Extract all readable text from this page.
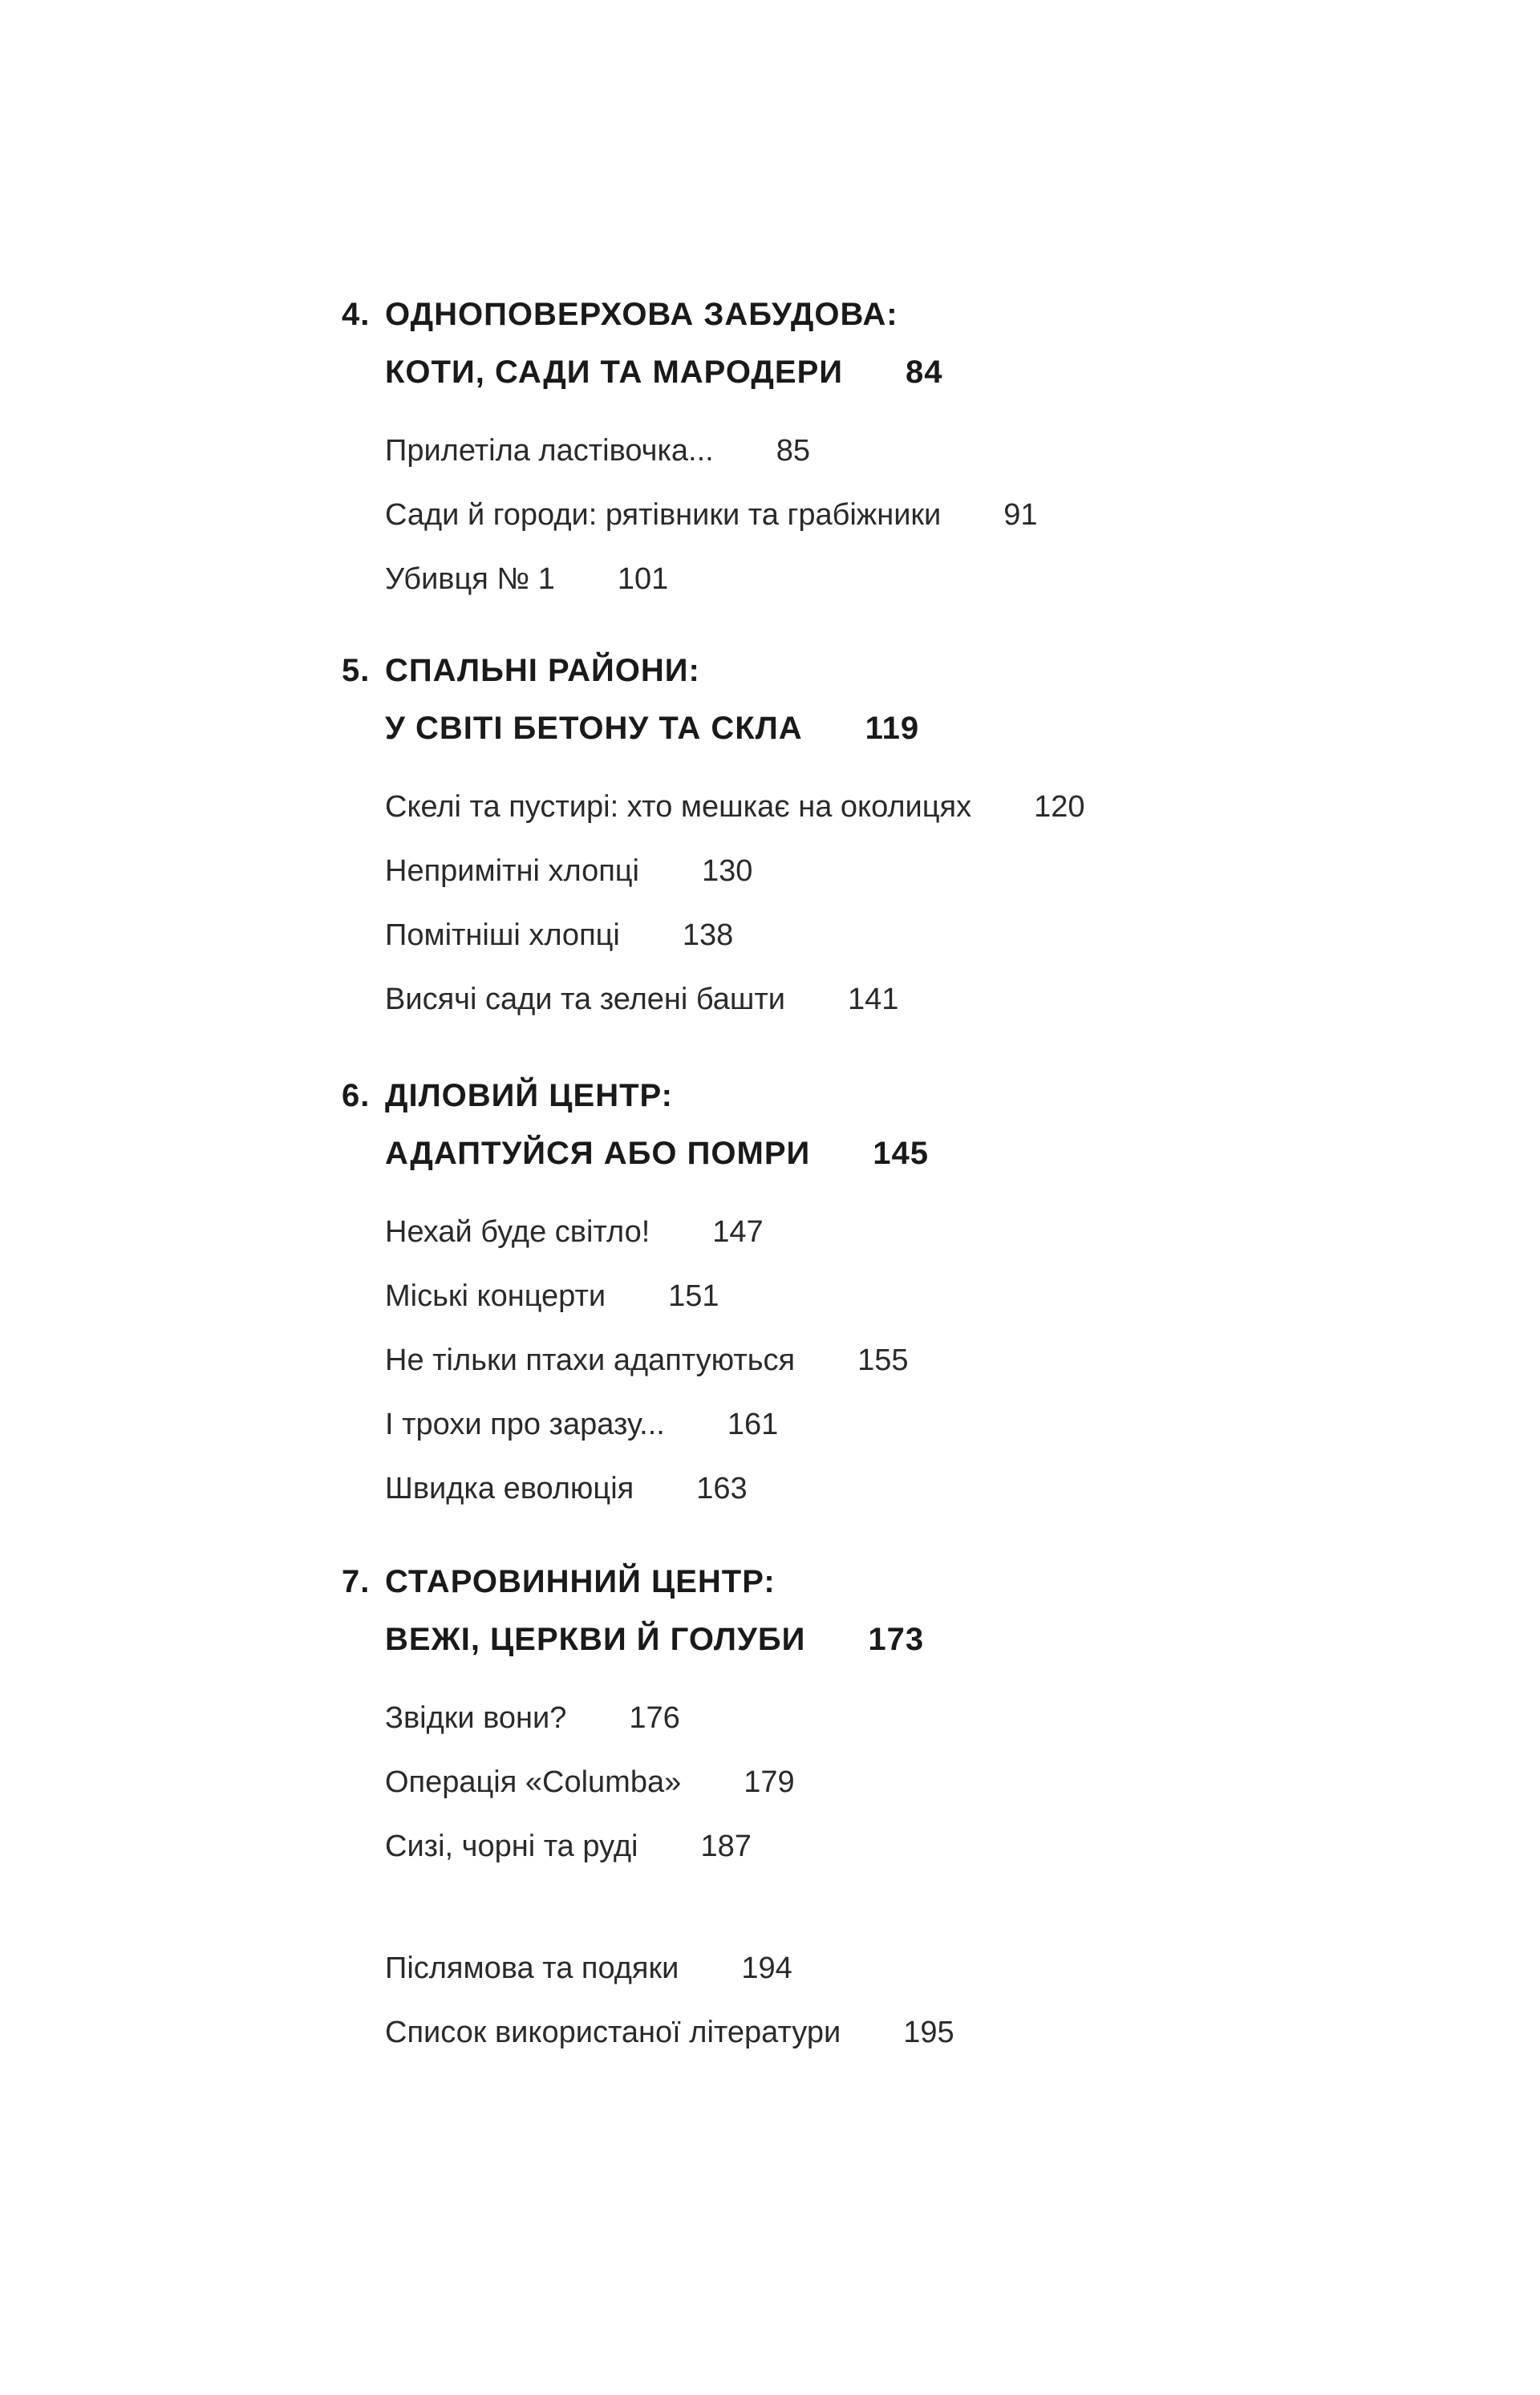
4. ОДНОПОВЕРХОВА ЗАБУДОВА:
КОТИ, САДИ ТА МАРОДЕРИ 84
Прилетіла ластівочка... 85
Сади й городи: рятівники та грабіжники 91
Убивця № 1 101
5. СПАЛЬНІ РАЙОНИ:
У СВІТІ БЕТОНУ ТА СКЛА 119
Скелі та пустирі: хто мешкає на околицях 120
Непримітні хлопці 130
Помітніші хлопці 138
Висячі сади та зелені башти 141
6. ДІЛОВИЙ ЦЕНТР:
АДАПТУЙСЯ АБО ПОМРИ 145
Нехай буде світло! 147
Міські концерти 151
Не тільки птахи адаптуються 155
І трохи про заразу... 161
Швидка еволюція 163
7. СТАРОВИННИЙ ЦЕНТР:
ВЕЖІ, ЦЕРКВИ Й ГОЛУБИ 173
Звідки вони? 176
Операція «Columba» 179
Сизі, чорні та руді 187
Післямова та подяки 194
Список використаної літератури 195
